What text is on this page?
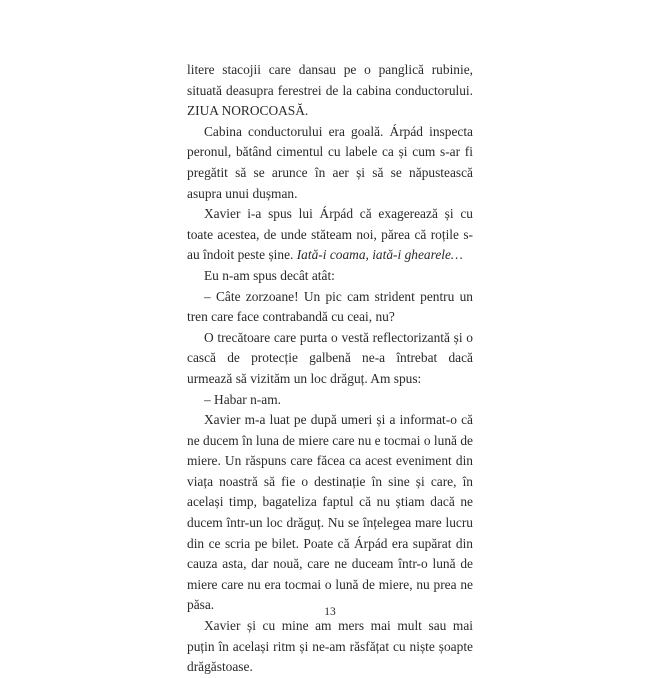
litere stacojii care dansau pe o panglică rubinie, situată deasupra ferestrei de la cabina conductorului. ZIUA NOROCOASĂ.

Cabina conductorului era goală. Árpád inspecta peronul, bătând cimentul cu labele ca și cum s-ar fi pregătit să se arunce în aer și să se năpustească asupra unui dușman.

Xavier i-a spus lui Árpád că exagerează și cu toate acestea, de unde stăteam noi, părea că roțile s-au îndoit peste șine. Iată-i coama, iată-i ghearele…

Eu n-am spus decât atât:

– Câte zorzoane! Un pic cam strident pentru un tren care face contrabandă cu ceai, nu?

O trecătoare care purta o vestă reflectorizantă și o cască de protecție galbenă ne-a întrebat dacă urmează să vizităm un loc drăguț. Am spus:

– Habar n-am.

Xavier m-a luat pe după umeri și a informat-o că ne ducem în luna de miere care nu e tocmai o lună de miere. Un răspuns care făcea ca acest eveniment din viața noastră să fie o destinație în sine și care, în același timp, bagateliza faptul că nu știam dacă ne ducem într-un loc drăguț. Nu se înțelegea mare lucru din ce scria pe bilet. Poate că Árpád era supărat din cauza asta, dar nouă, care ne duceam într-o lună de miere care nu era tocmai o lună de miere, nu prea ne păsa.

Xavier și cu mine am mers mai mult sau mai puțin în același ritm și ne-am răsfățat cu niște șoapte drăgăstoase.

13
